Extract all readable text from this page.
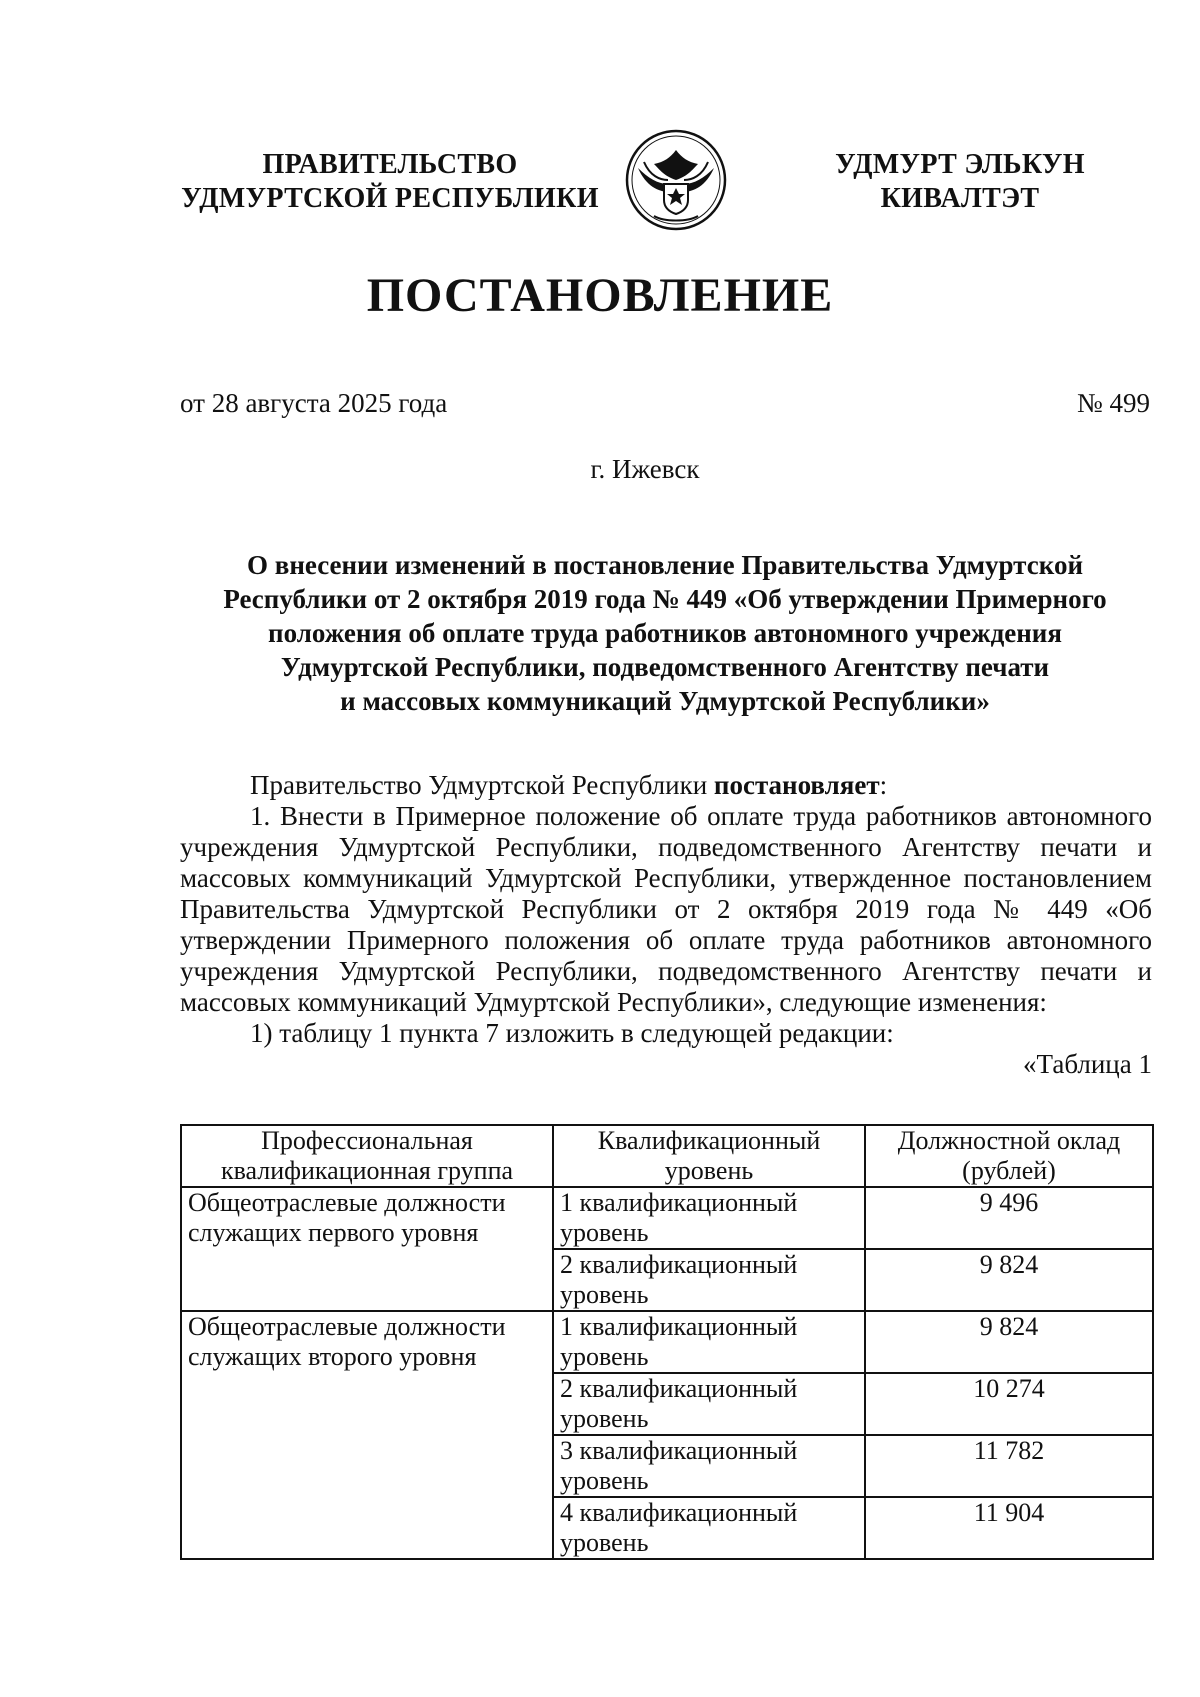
ПРАВИТЕЛЬСТВО
УДМУРТСКОЙ РЕСПУБЛИКИ
УДМУРТ ЭЛЬКУН
КИВАЛТЭТ
ПОСТАНОВЛЕНИЕ
от 28 августа 2025 года	№ 499
г. Ижевск
О внесении изменений в постановление Правительства Удмуртской
Республики от 2 октября 2019 года № 449 «Об утверждении Примерного
положения об оплате труда работников автономного учреждения
Удмуртской Республики, подведомственного Агентству печати
и массовых коммуникаций Удмуртской Республики»

Правительство Удмуртской Республики постановляет:

1. Внести в Примерное положение об оплате труда работников автономного учреждения Удмуртской Республики, подведомственного Агентству печати и массовых коммуникаций Удмуртской Республики, утвержденное постановлением Правительства Удмуртской Республики от 2 октября 2019 года № 449 «Об утверждении Примерного положения об оплате труда работников автономного учреждения Удмуртской Республики, подведомственного Агентству печати и массовых коммуникаций Удмуртской Республики», следующие изменения:

1) таблицу 1 пункта 7 изложить в следующей редакции:

«Таблица 1

Профессиональная квалификационная группа	Квалификационный уровень	Должностной оклад (рублей)
Общеотраслевые должности служащих первого уровня	1 квалификационный уровень	9 496
	2 квалификационный уровень	9 824
Общеотраслевые должности служащих второго уровня	1 квалификационный уровень	9 824
	2 квалификационный уровень	10 274
	3 квалификационный уровень	11 782
	4 квалификационный уровень	11 904
